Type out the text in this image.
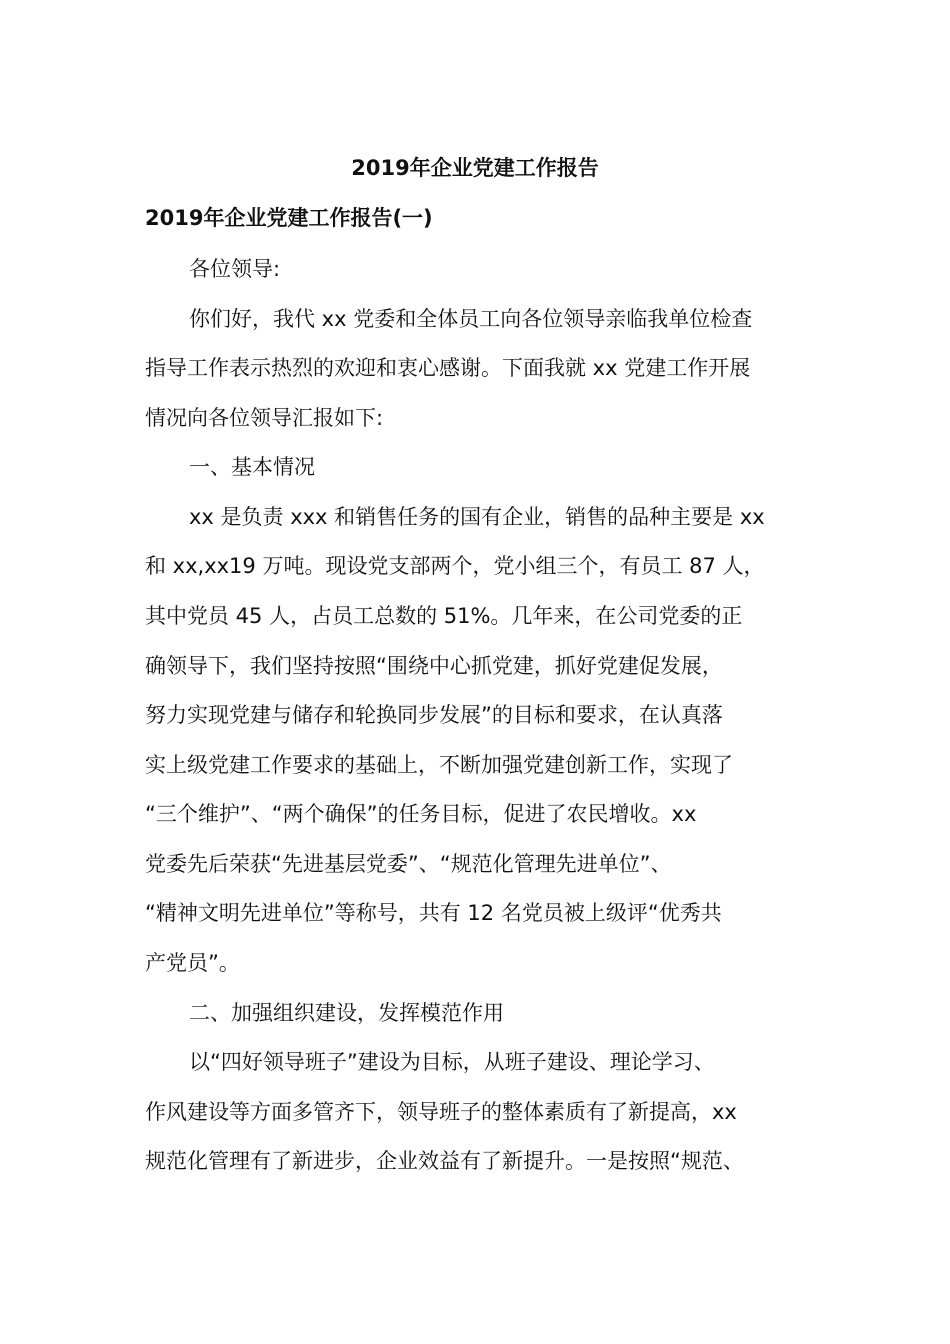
2019年企业党建工作报告
2019年企业党建工作报告(一)
各位领导:
你们好，我代 xx 党委和全体员工向各位领导亲临我单位检查
指导工作表示热烈的欢迎和衷心感谢。下面我就 xx 党建工作开展
情况向各位领导汇报如下:
一、基本情况
xx 是负责 xxx 和销售任务的国有企业，销售的品种主要是 xx
和 xx,xx19 万吨。现设党支部两个，党小组三个，有员工 87 人，
其中党员 45 人，占员工总数的 51%。几年来，在公司党委的正
确领导下，我们坚持按照“围绕中心抓党建，抓好党建促发展，
努力实现党建与储存和轮换同步发展”的目标和要求，在认真落
实上级党建工作要求的基础上，不断加强党建创新工作，实现了
“三个维护”、“两个确保”的任务目标，促进了农民增收。xx
党委先后荣获“先进基层党委”、“规范化管理先进单位”、
“精神文明先进单位”等称号，共有 12 名党员被上级评“优秀共
产党员”。
二、加强组织建设，发挥模范作用
以“四好领导班子”建设为目标，从班子建设、理论学习、
作风建设等方面多管齐下，领导班子的整体素质有了新提高，xx
规范化管理有了新进步，企业效益有了新提升。一是按照“规范、
